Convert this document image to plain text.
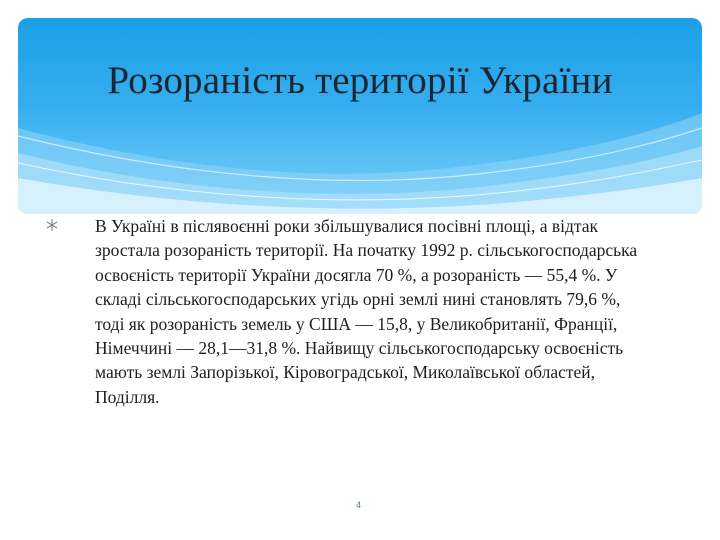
Розораність території України

В Україні в післявоєнні роки збільшувалися посівні площі, а відтак зростала розораність території. На початку 1992 р. сільськогосподарська освоєність території України досягла 70 %, а розораність — 55,4 %. У складі сільськогосподарських угідь орні землі нині становлять 79,6 %, тоді як розораність земель у США — 15,8, у Великобританії, Франції, Німеччині — 28,1—31,8 %. Найвищу сільськогосподарську освоєність мають землі Запорізької, Кіровоградської, Миколаївської областей, Поділля.

4
